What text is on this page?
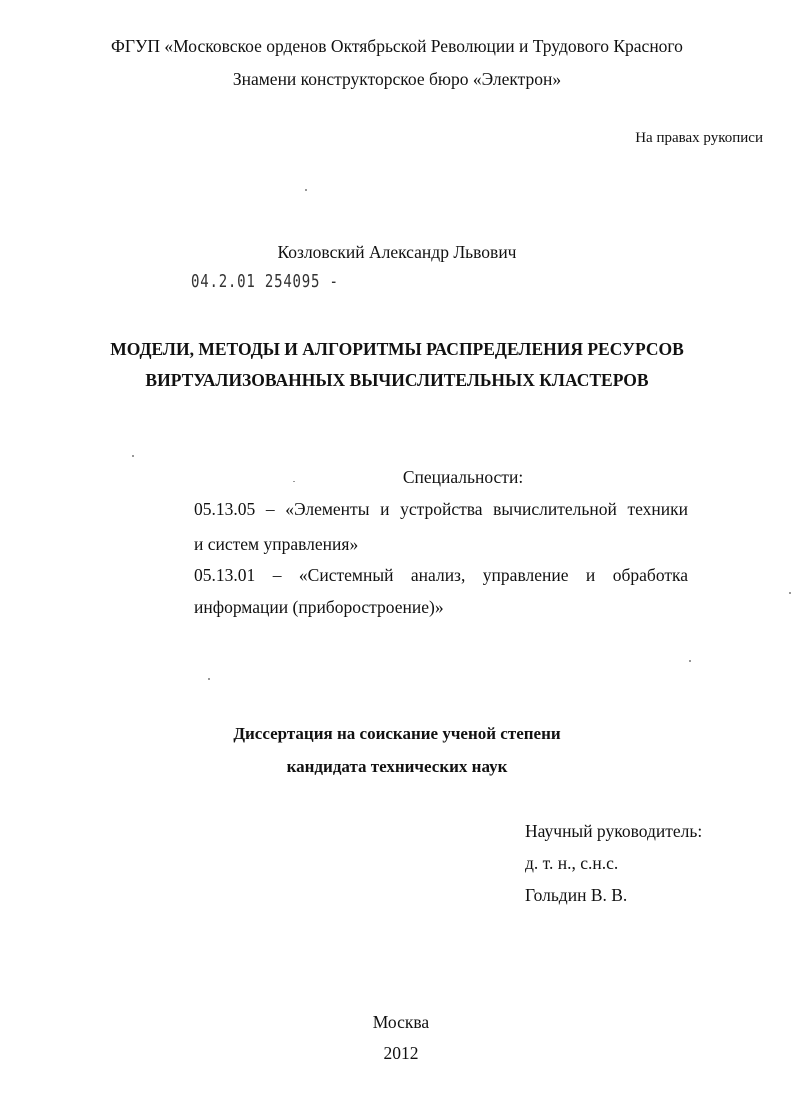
ФГУП «Московское орденов Октябрьской Революции и Трудового Красного
Знамени конструкторское бюро «Электрон»
На правах рукописи
Козловский Александр Львович
04.2.01 254095 -
МОДЕЛИ, МЕТОДЫ И АЛГОРИТМЫ РАСПРЕДЕЛЕНИЯ РЕСУРСОВ
ВИРТУАЛИЗОВАННЫХ ВЫЧИСЛИТЕЛЬНЫХ КЛАСТЕРОВ
Специальности:
05.13.05 – «Элементы и устройства вычислительной техники
и систем управления»
05.13.01 – «Системный анализ, управление и обработка
информации (приборостроение)»
Диссертация на соискание ученой степени
кандидата технических наук
Научный руководитель:
д. т. н., с.н.с.
Гольдин В. В.
Москва
2012
